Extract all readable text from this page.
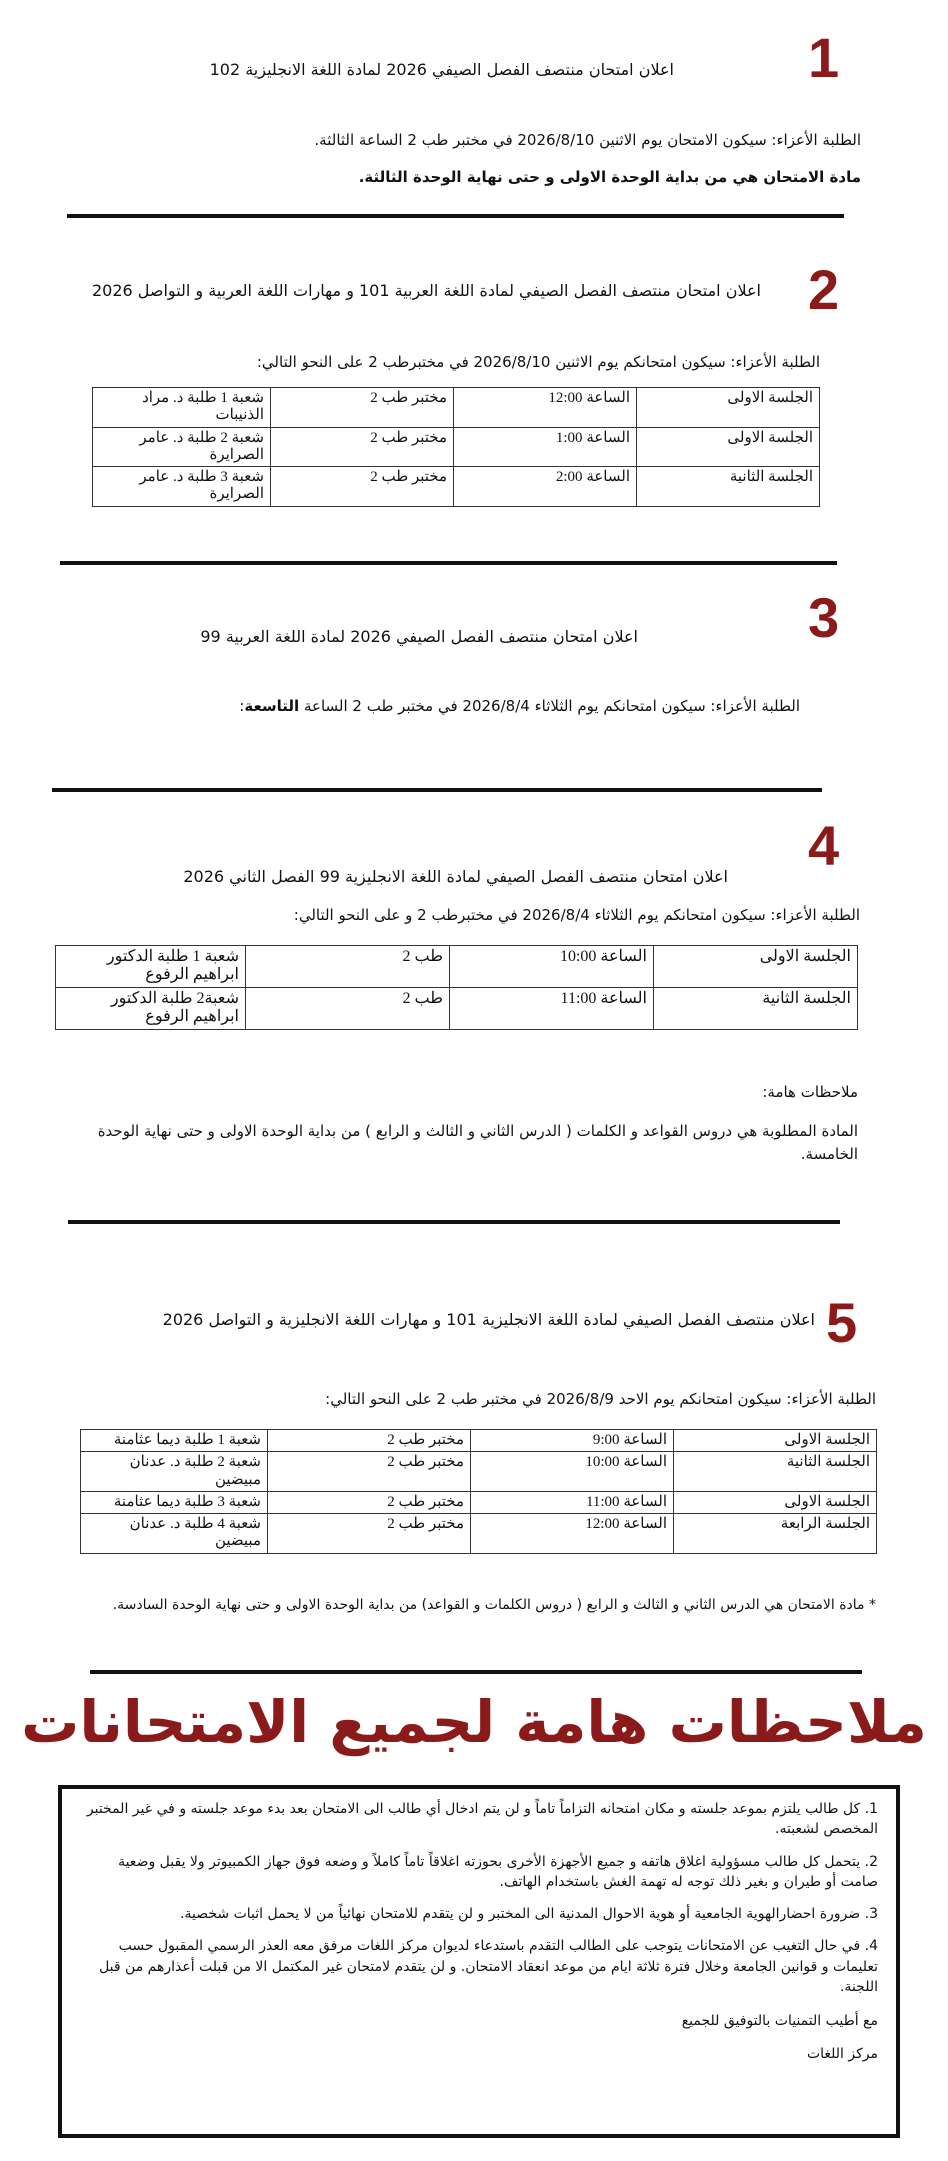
1
اعلان امتحان منتصف الفصل الصيفي 2026 لمادة اللغة الانجليزية 102
الطلبة الأعزاء: سيكون الامتحان يوم الاثنين 2026/8/10 في مختبر طب 2 الساعة الثالثة.
مادة الامتحان هي من بداية الوحدة الاولى و حتى نهاية الوحدة الثالثة.
2
اعلان امتحان منتصف الفصل الصيفي لمادة اللغة العربية 101 و مهارات اللغة العربية و التواصل 2026
الطلبة الأعزاء: سيكون امتحانكم يوم الاثنين 2026/8/10 في مختبرطب 2 على النحو التالي:
الجلسة الاولى	الساعة 12:00	مختبر طب 2	شعبة 1 طلبة د. مراد الذنيبات
الجلسة الاولى	الساعة 1:00	مختبر طب 2	شعبة 2 طلبة د. عامر الصرايرة
الجلسة الثانية	الساعة 2:00	مختبر طب 2	شعبة 3 طلبة د. عامر الصرايرة
3
اعلان امتحان منتصف الفصل الصيفي 2026 لمادة اللغة العربية 99
الطلبة الأعزاء: سيكون امتحانكم يوم الثلاثاء 2026/8/4 في مختبر طب 2 الساعة التاسعة:
4
اعلان امتحان منتصف الفصل الصيفي لمادة اللغة الانجليزية 99 الفصل الثاني 2026
الطلبة الأعزاء: سيكون امتحانكم يوم الثلاثاء 2026/8/4 في مختبرطب 2 و على النحو التالي:
الجلسة الاولى	الساعة 10:00	طب 2	شعبة 1 طلبة الدكتور ابراهيم الرفوع
الجلسة الثانية	الساعة 11:00	طب 2	شعبة2 طلبة الدكتور ابراهيم الرفوع
ملاحظات هامة:
المادة المطلوبة هي دروس القواعد و الكلمات ( الدرس الثاني و الثالث و الرابع ) من بداية الوحدة الاولى و حتى نهاية الوحدة الخامسة.
5
اعلان منتصف الفصل الصيفي لمادة اللغة الانجليزية 101 و مهارات اللغة الانجليزية و التواصل 2026
الطلبة الأعزاء: سيكون امتحانكم يوم الاحد 2026/8/9 في مختبر طب 2 على النحو التالي:
الجلسة الاولى	الساعة 9:00	مختبر طب 2	شعبة 1 طلبة ديما عثامنة
الجلسة الثانية	الساعة 10:00	مختبر طب 2	شعبة 2 طلبة د. عدنان مبيضين
الجلسة الاولى	الساعة 11:00	مختبر طب 2	شعبة 3 طلبة ديما عثامنة
الجلسة الرابعة	الساعة 12:00	مختبر طب 2	شعبة 4 طلبة د. عدنان مبيضين
* مادة الامتحان هي الدرس الثاني و الثالث و الرابع ( دروس الكلمات و القواعد) من بداية الوحدة الاولى و حتى نهاية الوحدة السادسة.
ملاحظات هامة لجميع الامتحانات

1. كل طالب يلتزم بموعد جلسته و مكان امتحانه التزاماً تاماً و لن يتم ادخال أي طالب الى الامتحان بعد بدء موعد جلسته و في غير المختبر المخصص لشعبته.

2. يتحمل كل طالب مسؤولية اغلاق هاتفه و جميع الأجهزة الأخرى بحوزته اغلاقاً تاماً كاملاً و وضعه فوق جهاز الكمبيوتر ولا يقبل وضعية صامت أو طيران و بغير ذلك توجه له تهمة الغش باستخدام الهاتف.

3. ضرورة احضارالهوية الجامعية أو هوية الاحوال المدنية الى المختبر و لن يتقدم للامتحان نهائياً من لا يحمل اثبات شخصية.

4. في حال التغيب عن الامتحانات يتوجب على الطالب التقدم باستدعاء لديوان مركز اللغات مرفق معه العذر الرسمي المقبول حسب تعليمات و قوانين الجامعة وخلال فترة ثلاثة ايام من موعد انعقاد الامتحان. و لن يتقدم لامتحان غير المكتمل الا من قبلت أعذارهم من قبل اللجنة.

مع أطيب التمنيات بالتوفيق للجميع

مركز اللغات
